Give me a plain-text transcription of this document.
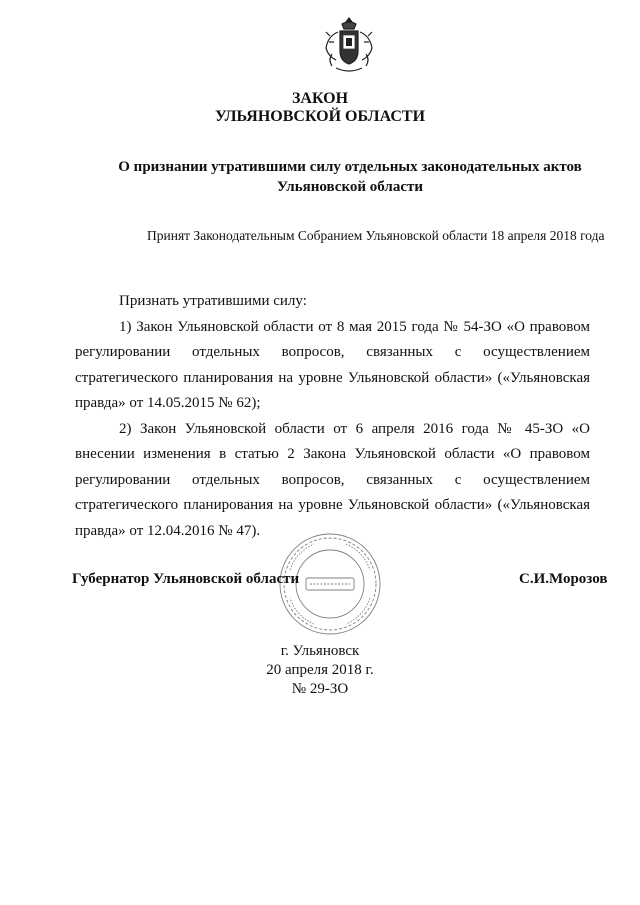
ЗАКОН
УЛЬЯНОВСКОЙ ОБЛАСТИ
О признании утратившими силу отдельных законодательных актов
Ульяновской области
Принят Законодательным Собранием Ульяновской области 18 апреля 2018 года

Признать утратившими силу:

1) Закон Ульяновской области от 8 мая 2015 года № 54-ЗО «О правовом регулировании отдельных вопросов, связанных с осуществлением стратегического планирования на уровне Ульяновской области» («Ульяновская правда» от 14.05.2015 № 62);

2) Закон Ульяновской области от 6 апреля 2016 года № 45-ЗО «О внесении изменения в статью 2 Закона Ульяновской области «О правовом регулировании отдельных вопросов, связанных с осуществлением стратегического планирования на уровне Ульяновской области» («Ульяновская правда» от 12.04.2016 № 47).

Губернатор Ульяновской области	С.И.Морозов
г. Ульяновск
20 апреля 2018 г.
№ 29-ЗО
